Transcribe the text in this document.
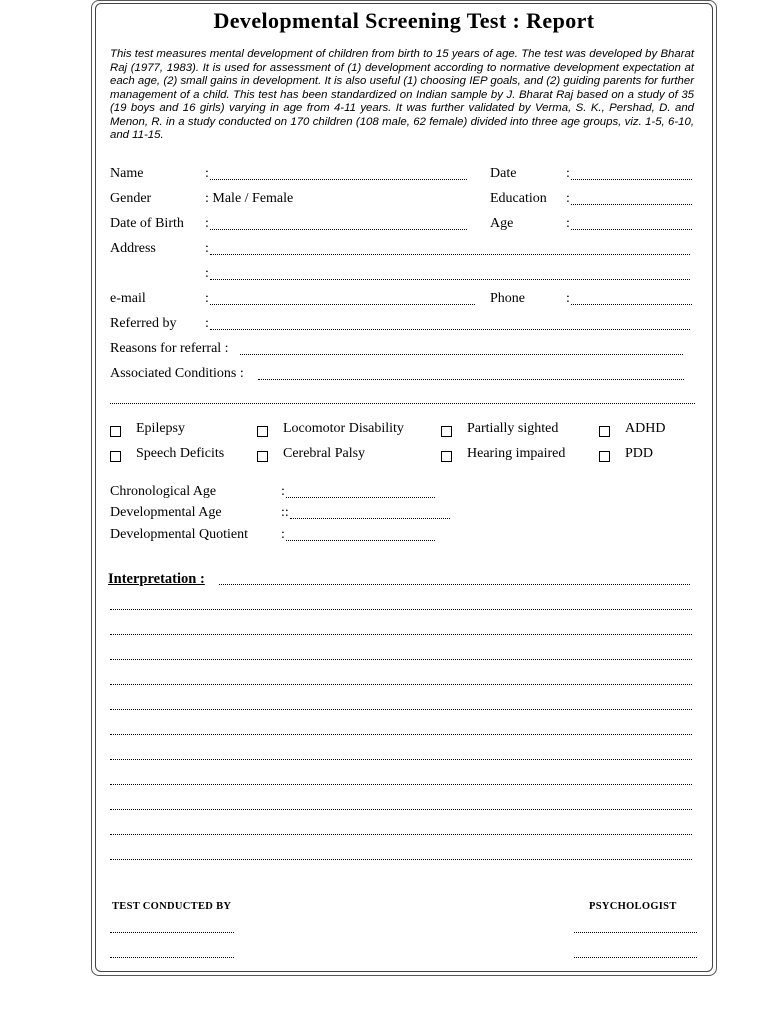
Developmental Screening Test : Report
This test measures mental development of children from birth to 15 years of age. The test was developed by Bharat Raj (1977, 1983). It is used for assessment of (1) development according to normative development expectation at each age, (2) small gains in development. It is also useful (1) choosing IEP goals, and (2) guiding parents for further management of a child. This test has been standardized on Indian sample by J. Bharat Raj based on a study of 35 (19 boys and 16 girls) varying in age from 4-11 years. It was further validated by Verma, S. K., Pershad, D. and Menon, R. in a study conducted on 170 children (108 male, 62 female) divided into three age groups, viz. 1-5, 6-10, and 11-15.
Name	:	Date	:
Gender	: Male / Female	Education :
Date of Birth :	Age	:
Address	:
:
e-mail	:	Phone	:
Referred by :
Reasons for referral :
Associated Conditions :
Epilepsy	Locomotor Disability	Partially sighted	ADHD
Speech Deficits	Cerebral Palsy	Hearing impaired	PDD
Chronological Age	:
Developmental Age	::
Developmental Quotient :
Interpretation :
TEST CONDUCTED BY	PSYCHOLOGIST
